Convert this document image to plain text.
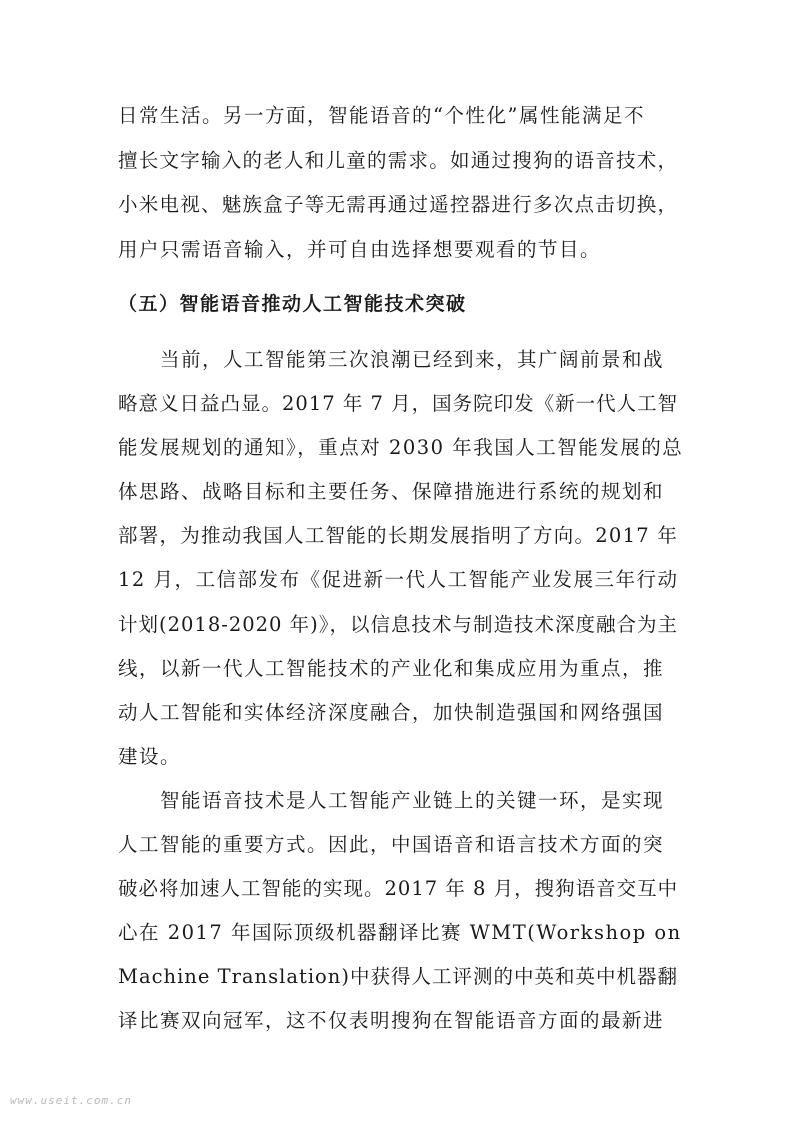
日常生活。另一方面，智能语音的“个性化”属性能满足不
擅长文字输入的老人和儿童的需求。如通过搜狗的语音技术，
小米电视、魅族盒子等无需再通过遥控器进行多次点击切换，
用户只需语音输入，并可自由选择想要观看的节目。
（五）智能语音推动人工智能技术突破
当前，人工智能第三次浪潮已经到来，其广阔前景和战
略意义日益凸显。2017 年 7 月，国务院印发《新一代人工智
能发展规划的通知》，重点对 2030 年我国人工智能发展的总
体思路、战略目标和主要任务、保障措施进行系统的规划和
部署，为推动我国人工智能的长期发展指明了方向。2017 年
12 月，工信部发布《促进新一代人工智能产业发展三年行动
计划(2018-2020 年)》，以信息技术与制造技术深度融合为主
线，以新一代人工智能技术的产业化和集成应用为重点，推
动人工智能和实体经济深度融合，加快制造强国和网络强国
建设。
智能语音技术是人工智能产业链上的关键一环，是实现
人工智能的重要方式。因此，中国语音和语言技术方面的突
破必将加速人工智能的实现。2017 年 8 月，搜狗语音交互中
心在 2017 年国际顶级机器翻译比赛 WMT(Workshop on
Machine Translation)中获得人工评测的中英和英中机器翻
译比赛双向冠军，这不仅表明搜狗在智能语音方面的最新进
www.useit.com.cn
